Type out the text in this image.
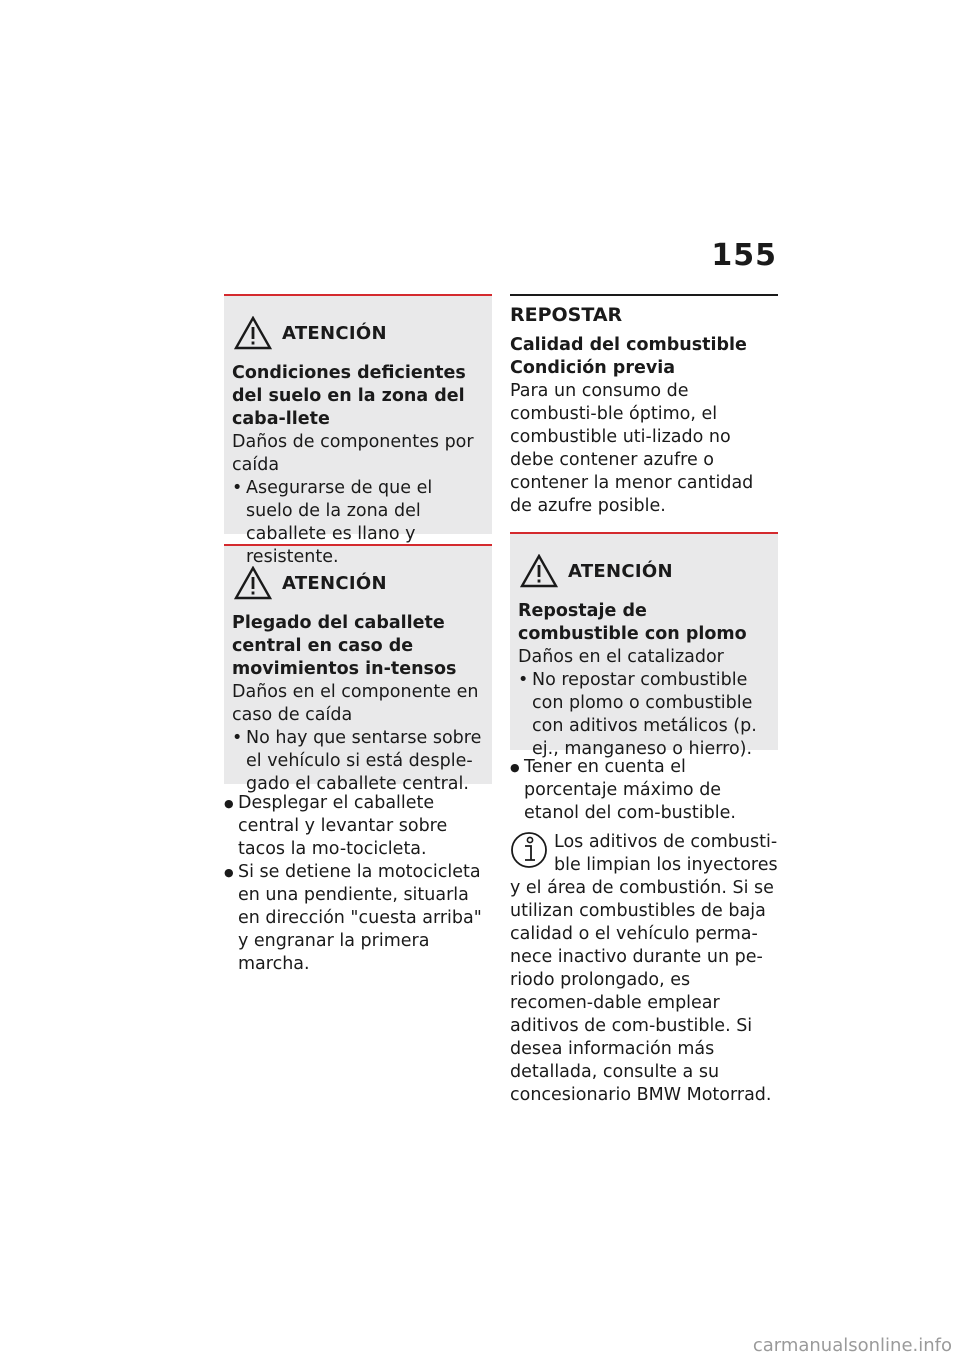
155
ATENCIÓN
Condiciones deficientes del suelo en la zona del caba-llete
Daños de componentes por caída
• Asegurarse de que el suelo de la zona del caballete es llano y resistente.
ATENCIÓN
Plegado del caballete central en caso de movimientos in-tensos
Daños en el componente en caso de caída
• No hay que sentarse sobre el vehículo si está desple-gado el caballete central.
● Desplegar el caballete central y levantar sobre tacos la mo-tocicleta.
● Si se detiene la motocicleta en una pendiente, situarla en dirección "cuesta arriba" y engranar la primera marcha.
REPOSTAR
Calidad del combustible
Condición previa
Para un consumo de combusti-ble óptimo, el combustible uti-lizado no debe contener azufre o contener la menor cantidad de azufre posible.
ATENCIÓN
Repostaje de combustible con plomo
Daños en el catalizador
• No repostar combustible con plomo o combustible con aditivos metálicos (p. ej., manganeso o hierro).
● Tener en cuenta el porcentaje máximo de etanol del com-bustible.
Los aditivos de combusti-ble limpian los inyectores y el área de combustión. Si se utilizan combustibles de baja calidad o el vehículo perma-nece inactivo durante un pe-riodo prolongado, es recomen-dable emplear aditivos de com-bustible. Si desea información más detallada, consulte a su concesionario BMW Motorrad.
carmanualsonline.info
